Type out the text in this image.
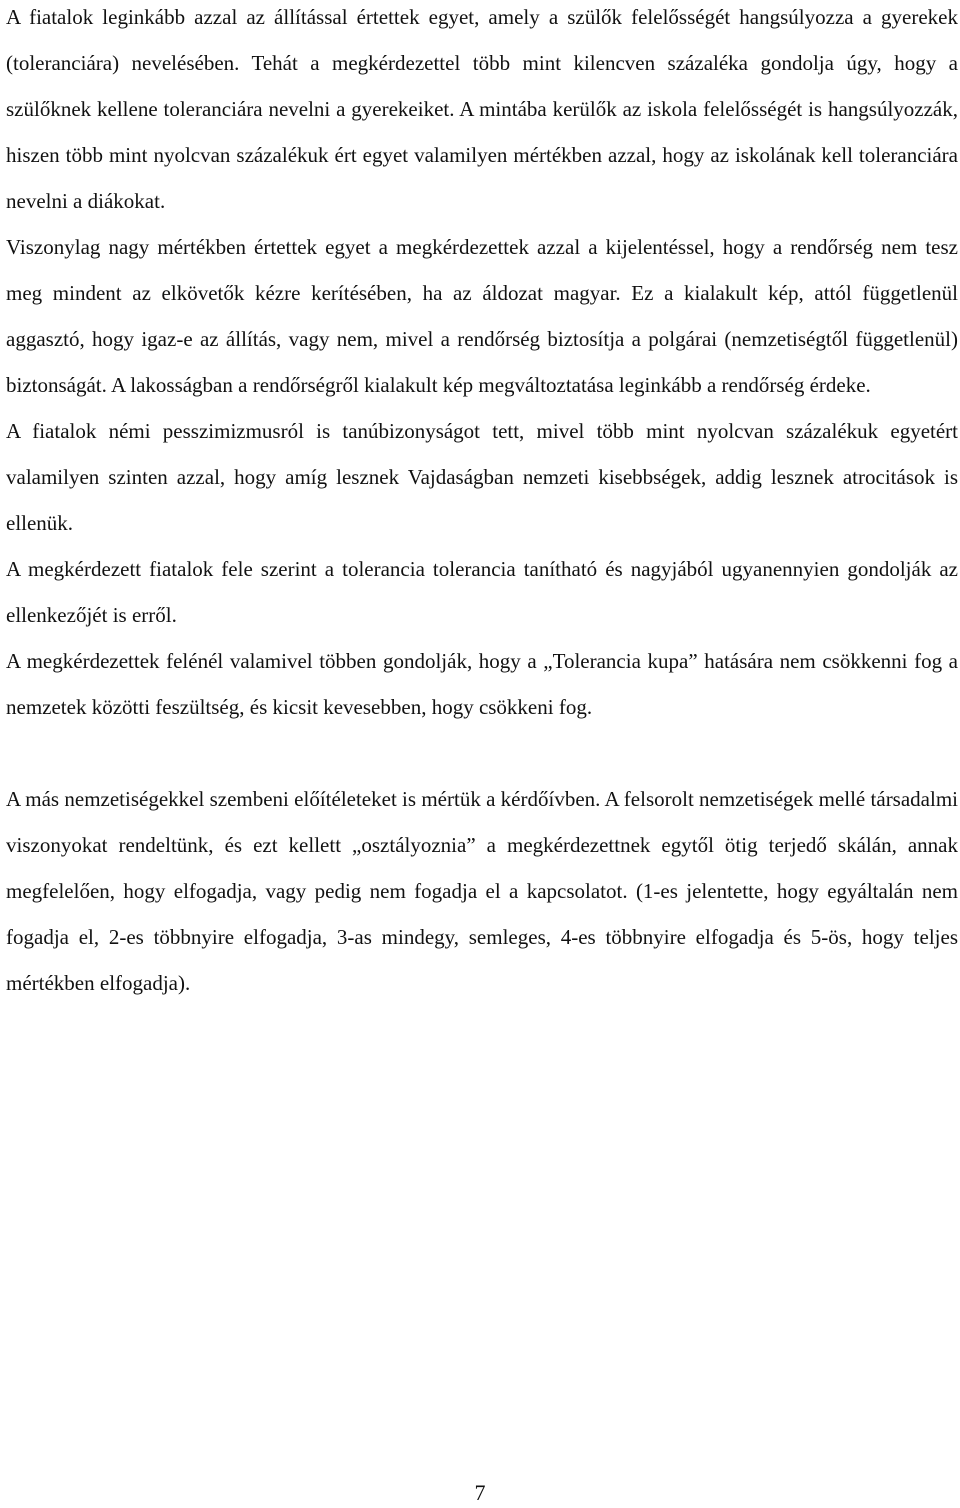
A fiatalok leginkább azzal az állítással értettek egyet, amely a szülők felelősségét hangsúlyozza a gyerekek (toleranciára) nevelésében. Tehát a megkérdezettel több mint kilencven százaléka gondolja úgy, hogy a szülőknek kellene toleranciára nevelni a gyerekeiket. A mintába kerülők az iskola felelősségét is hangsúlyozzák, hiszen több mint nyolcvan százalékuk ért egyet valamilyen mértékben azzal, hogy az iskolának kell toleranciára nevelni a diákokat.

Viszonylag nagy mértékben értettek egyet a megkérdezettek azzal a kijelentéssel, hogy a rendőrség nem tesz meg mindent az elkövetők kézre kerítésében, ha az áldozat magyar. Ez a kialakult kép, attól függetlenül aggasztó, hogy igaz-e az állítás, vagy nem, mivel a rendőrség biztosítja a polgárai (nemzetiségtől függetlenül) biztonságát. A lakosságban a rendőrségről kialakult kép megváltoztatása leginkább a rendőrség érdeke.

A fiatalok némi pesszimizmusról is tanúbizonyságot tett, mivel több mint nyolcvan százalékuk egyetért valamilyen szinten azzal, hogy amíg lesznek Vajdaságban nemzeti kisebbségek, addig lesznek atrocitások is ellenük.

A megkérdezett fiatalok fele szerint a tolerancia tolerancia tanítható és nagyjából ugyanennyien gondolják az ellenkezőjét is erről.

A megkérdezettek felénél valamivel többen gondolják, hogy a „Tolerancia kupa” hatására nem csökkenni fog a nemzetek közötti feszültség, és kicsit kevesebben, hogy csökkeni fog.

A más nemzetiségekkel szembeni előítéleteket is mértük a kérdőívben. A felsorolt nemzetiségek mellé társadalmi viszonyokat rendeltünk, és ezt kellett „osztályoznia” a megkérdezettnek egytől ötig terjedő skálán, annak megfelelően, hogy elfogadja, vagy pedig nem fogadja el a kapcsolatot. (1-es jelentette, hogy egyáltalán nem fogadja el, 2-es többnyire elfogadja, 3-as mindegy, semleges, 4-es többnyire elfogadja és 5-ös, hogy teljes mértékben elfogadja).

7
